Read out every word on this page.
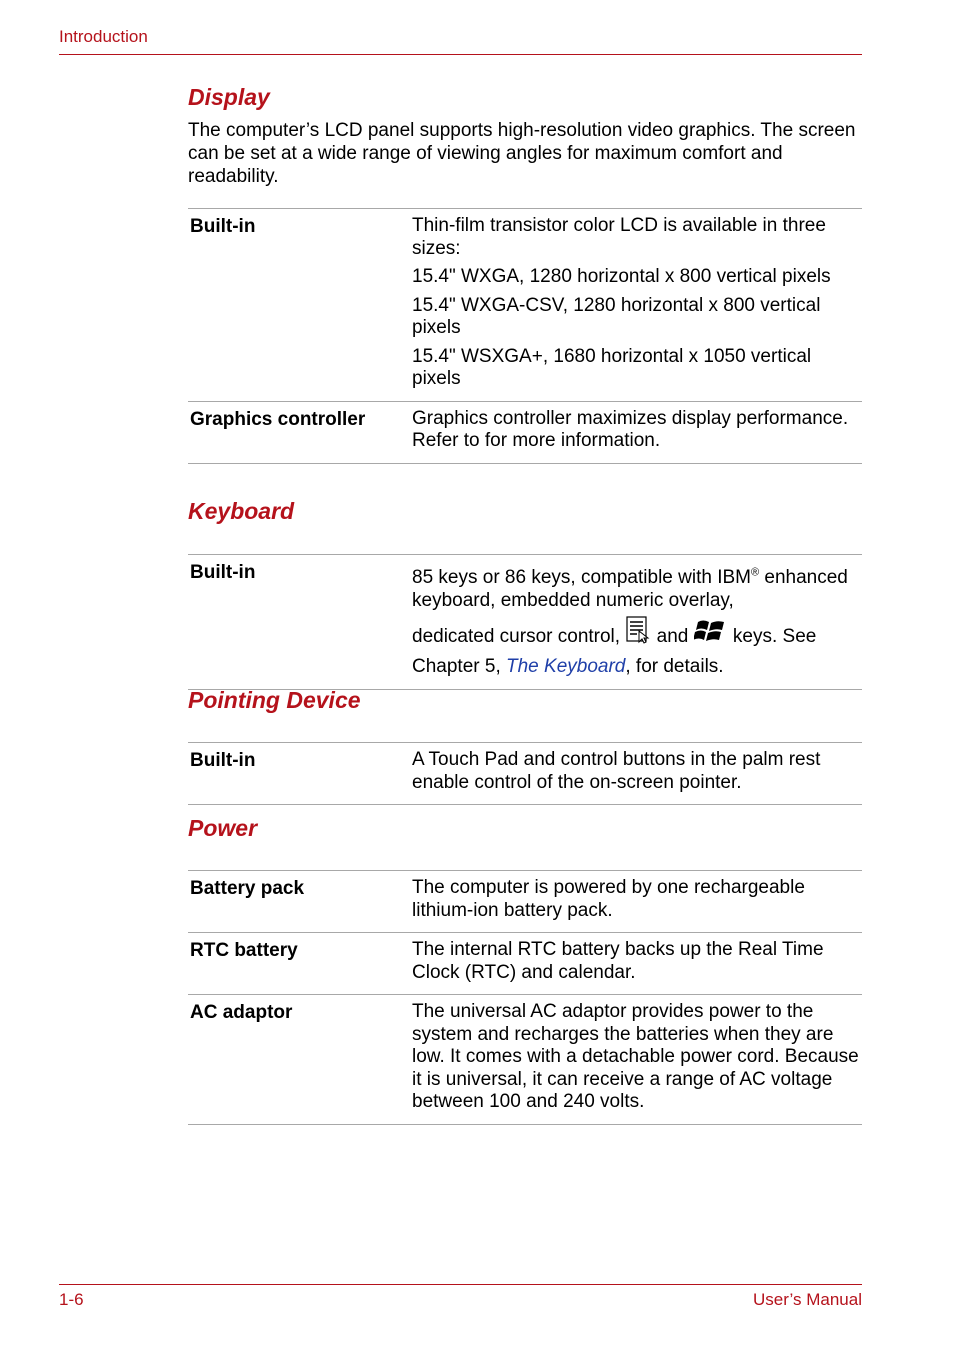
Introduction
Display
The computer’s LCD panel supports high-resolution video graphics. The screen can be set at a wide range of viewing angles for maximum comfort and readability.
Built-in	Thin-film transistor color LCD is available in three sizes:

15.4" WXGA, 1280 horizontal x 800 vertical pixels

15.4" WXGA-CSV, 1280 horizontal x 800 vertical pixels

15.4" WSXGA+, 1680 horizontal x 1050 vertical pixels

Graphics controller	Graphics controller maximizes display performance. Refer to for more information.

Keyboard
Built-in	85 keys or 86 keys, compatible with IBM® enhanced keyboard, embedded numeric overlay,
dedicated cursor control, and keys. See
Chapter 5, The Keyboard, for details.
Pointing Device
Built-in	A Touch Pad and control buttons in the palm rest enable control of the on-screen pointer.
Power
Battery pack	The computer is powered by one rechargeable lithium-ion battery pack.
RTC battery	The internal RTC battery backs up the Real Time Clock (RTC) and calendar.
AC adaptor	The universal AC adaptor provides power to the system and recharges the batteries when they are low. It comes with a detachable power cord. Because it is universal, it can receive a range of AC voltage between 100 and 240 volts.
1-6	User’s Manual
